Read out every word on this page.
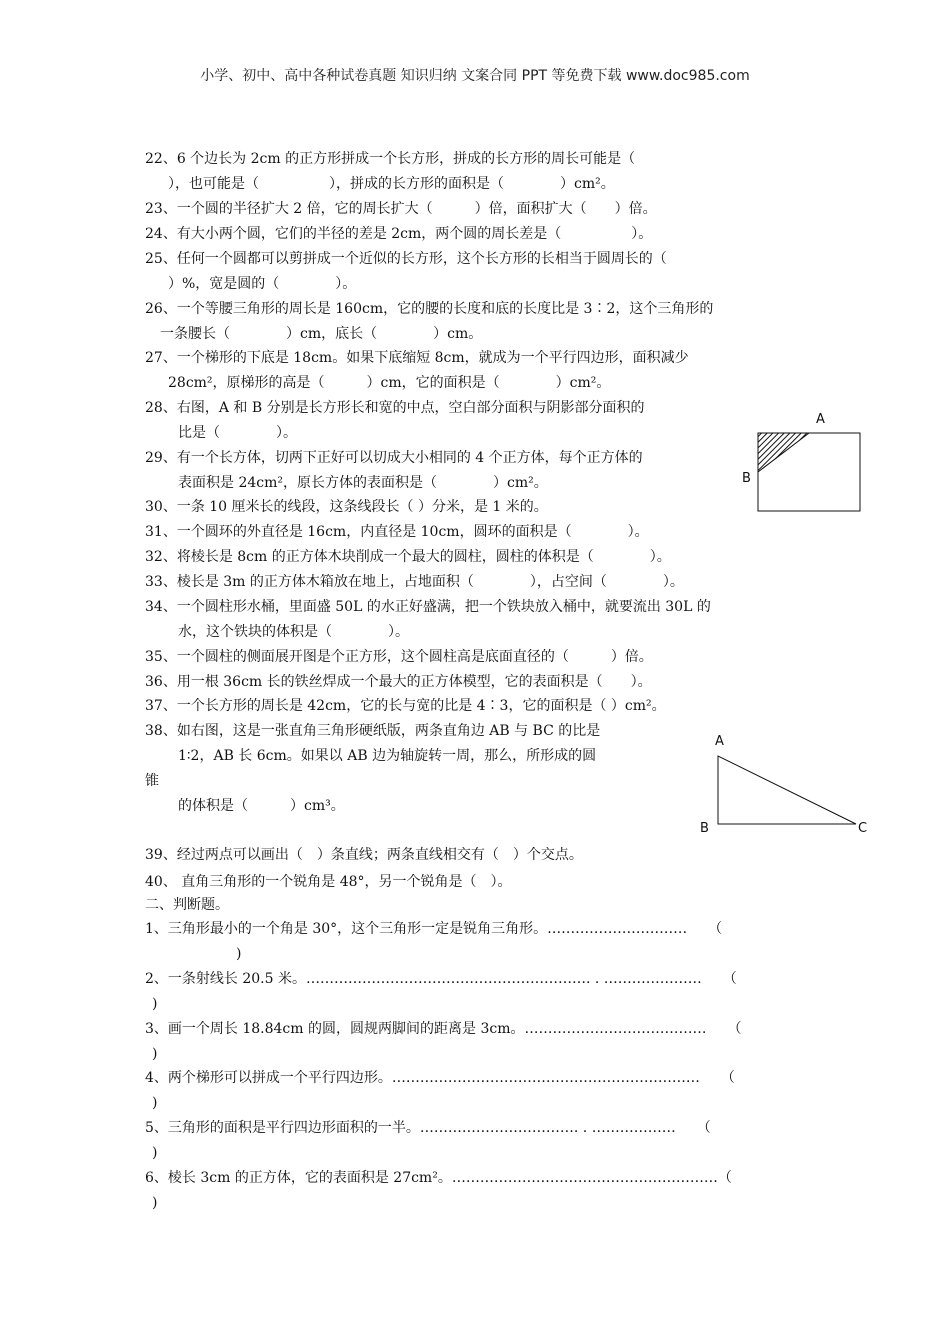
小学、初中、高中各种试卷真题 知识归纳 文案合同 PPT 等免费下载 www.doc985.com
22、6 个边长为 2cm 的正方形拼成一个长方形，拼成的长方形的周长可能是（
），也可能是（　　　　　），拼成的长方形的面积是（　　　　）cm²。
23、一个圆的半径扩大 2 倍，它的周长扩大（　　　）倍，面积扩大（　　）倍。
24、有大小两个圆，它们的半径的差是 2cm，两个圆的周长差是（　　　　　）。
25、任何一个圆都可以剪拼成一个近似的长方形，这个长方形的长相当于圆周长的（
）%，宽是圆的（　　　　）。
26、一个等腰三角形的周长是 160cm，它的腰的长度和底的长度比是 3∶2，这个三角形的
一条腰长（　　　　）cm，底长（　　　　）cm。
27、一个梯形的下底是 18cm。如果下底缩短 8cm，就成为一个平行四边形，面积减少
28cm²，原梯形的高是（　　　）cm，它的面积是（　　　　）cm²。
28、右图，A 和 B 分别是长方形长和宽的中点，空白部分面积与阴影部分面积的
比是（　　　　）。
29、有一个长方体，切两下正好可以切成大小相同的 4 个正方体，每个正方体的
表面积是 24cm²，原长方体的表面积是（　　　　）cm²。
30、一条 10 厘米长的线段，这条线段长（ ）分米，是 1 米的。
31、一个圆环的外直径是 16cm，内直径是 10cm，圆环的面积是（　　　　）。
32、将棱长是 8cm 的正方体木块削成一个最大的圆柱，圆柱的体积是（　　　　）。
33、棱长是 3m 的正方体木箱放在地上，占地面积（　　　　），占空间（　　　　）。
34、一个圆柱形水桶，里面盛 50L 的水正好盛满，把一个铁块放入桶中，就要流出 30L 的
水，这个铁块的体积是（　　　　）。
35、一个圆柱的侧面展开图是个正方形，这个圆柱高是底面直径的（　　　）倍。
36、用一根 36cm 长的铁丝焊成一个最大的正方体模型，它的表面积是（　　）。
37、一个长方形的周长是 42cm，它的长与宽的比是 4∶3，它的面积是（ ）cm²。
38、如右图，这是一张直角三角形硬纸版，两条直角边 AB 与 BC 的比是
1∶2，AB 长 6cm。如果以 AB 边为轴旋转一周，那么，所形成的圆
锥
的体积是（　　　）cm³。
39、经过两点可以画出（　）条直线；两条直线相交有（　）个交点。
40、 直角三角形的一个锐角是 48°，另一个锐角是（　）。
二、判断题。
1、三角形最小的一个角是 30°，这个三角形一定是锐角三角形。…………………………　　（
)
2、一条射线长 20.5 米。……………………………………………………. . …………………　　（
)
3、画一个周长 18.84cm 的圆，圆规两脚间的距离是 3cm。…………………………………　　（
)
4、两个梯形可以拼成一个平行四边形。…………………………………………………………　　（
)
5、三角形的面积是平行四边形面积的一半。……………………………. . ………………　　（
)
6、棱长 3cm 的正方体，它的表面积是 27cm²。…………………………………………………（
)
A
B
A
B	C
